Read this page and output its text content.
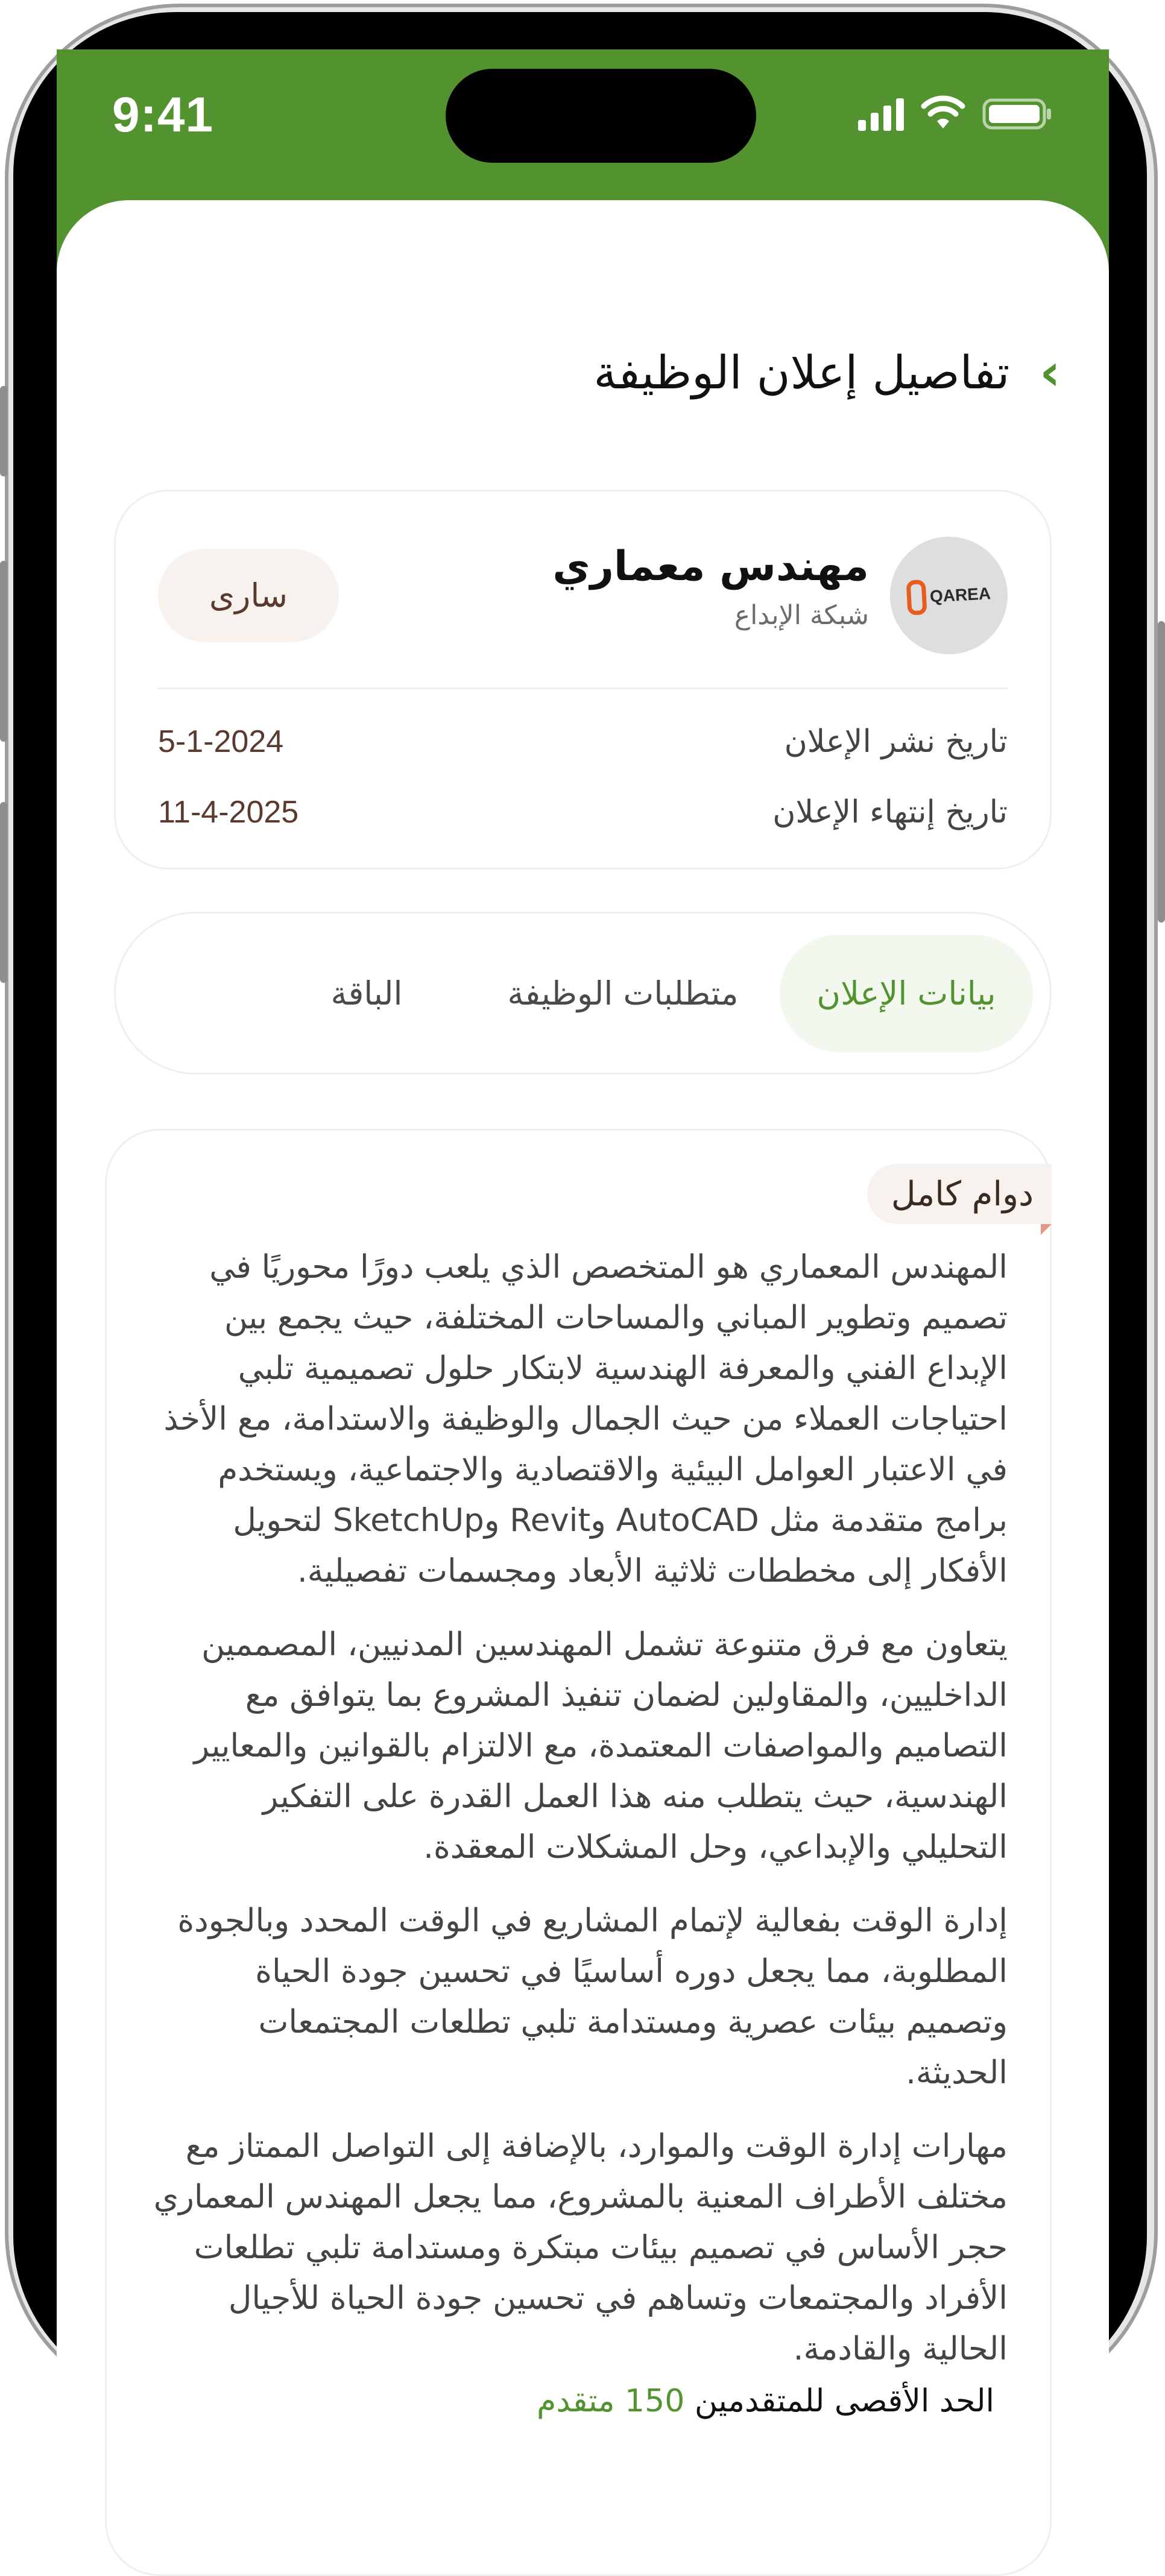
9:41
‹
تفاصيل إعلان الوظيفة
QAREA
مهندس معماري
شبكة الإبداع
سارى
تاريخ نشر الإعلان
5-1-2024
تاريخ إنتهاء الإعلان
11-4-2025
بيانات الإعلان
متطلبات الوظيفة
الباقة
دوام كامل

المهندس المعماري هو المتخصص الذي يلعب دورًا محوريًا في تصميم وتطوير المباني والمساحات المختلفة، حيث يجمع بين الإبداع الفني والمعرفة الهندسية لابتكار حلول تصميمية تلبي احتياجات العملاء من حيث الجمال والوظيفة والاستدامة، مع الأخذ في الاعتبار العوامل البيئية والاقتصادية والاجتماعية، ويستخدم برامج متقدمة مثل AutoCAD وRevit وSketchUp لتحويل الأفكار إلى مخططات ثلاثية الأبعاد ومجسمات تفصيلية.

يتعاون مع فرق متنوعة تشمل المهندسين المدنيين، المصممين الداخليين، والمقاولين لضمان تنفيذ المشروع بما يتوافق مع التصاميم والمواصفات المعتمدة، مع الالتزام بالقوانين والمعايير الهندسية، حيث يتطلب منه هذا العمل القدرة على التفكير التحليلي والإبداعي، وحل المشكلات المعقدة.

إدارة الوقت بفعالية لإتمام المشاريع في الوقت المحدد وبالجودة المطلوبة، مما يجعل دوره أساسيًا في تحسين جودة الحياة وتصميم بيئات عصرية ومستدامة تلبي تطلعات المجتمعات الحديثة.

مهارات إدارة الوقت والموارد، بالإضافة إلى التواصل الممتاز مع مختلف الأطراف المعنية بالمشروع، مما يجعل المهندس المعماري حجر الأساس في تصميم بيئات مبتكرة ومستدامة تلبي تطلعات الأفراد والمجتمعات وتساهم في تحسين جودة الحياة للأجيال الحالية والقادمة.

الحد الأقصى للمتقدمين 150 متقدم
